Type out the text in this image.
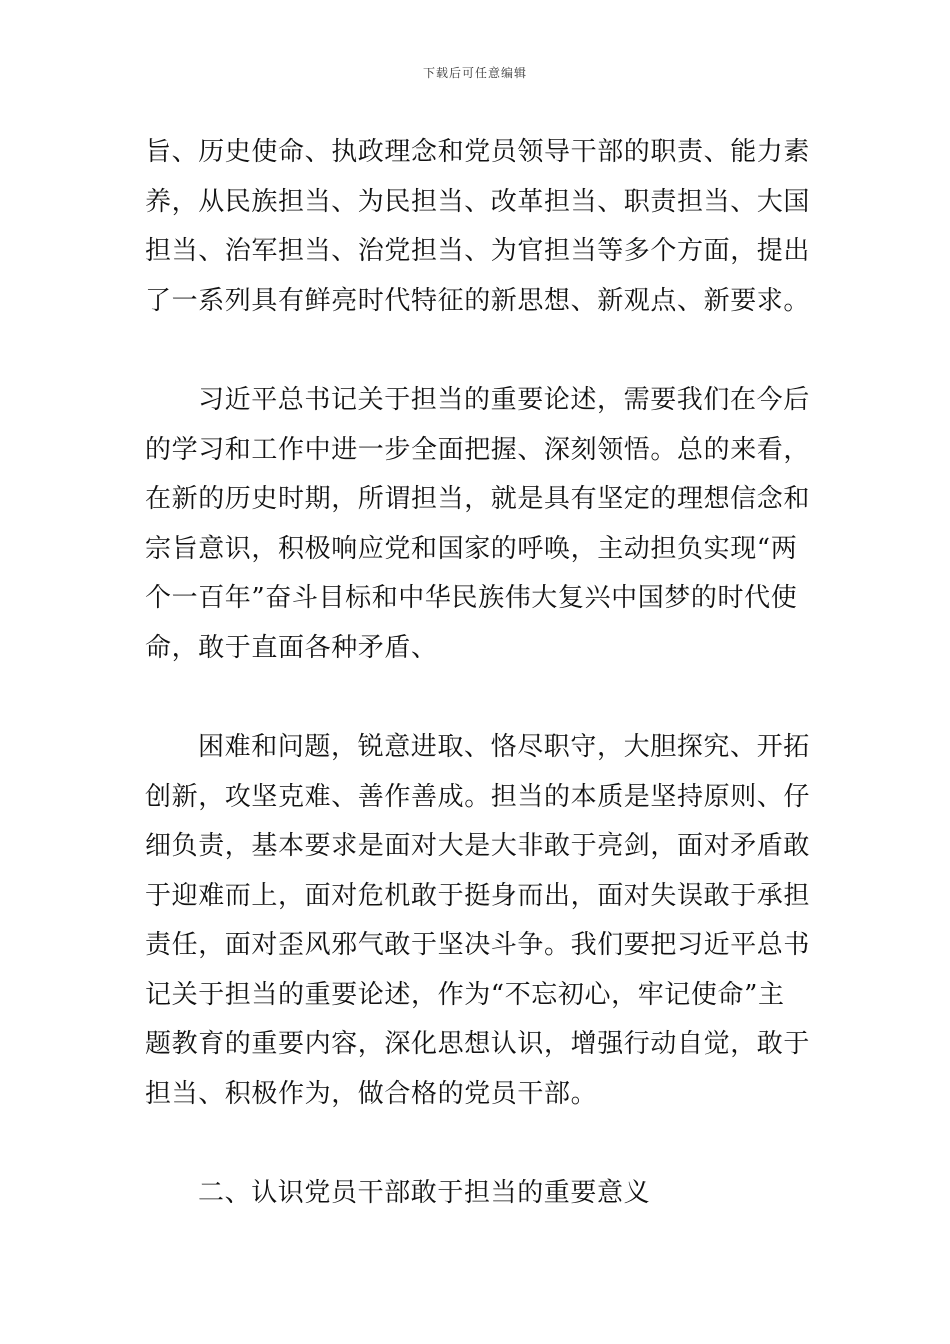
下载后可任意编辑
旨、历史使命、执政理念和党员领导干部的职责、能力素
养，从民族担当、为民担当、改革担当、职责担当、大国
担当、治军担当、治党担当、为官担当等多个方面，提出
了一系列具有鲜亮时代特征的新思想、新观点、新要求。
习近平总书记关于担当的重要论述，需要我们在今后
的学习和工作中进一步全面把握、深刻领悟。总的来看，
在新的历史时期，所谓担当，就是具有坚定的理想信念和
宗旨意识，积极响应党和国家的呼唤，主动担负实现“两
个一百年”奋斗目标和中华民族伟大复兴中国梦的时代使
命，敢于直面各种矛盾、
困难和问题，锐意进取、恪尽职守，大胆探究、开拓
创新，攻坚克难、善作善成。担当的本质是坚持原则、仔
细负责，基本要求是面对大是大非敢于亮剑，面对矛盾敢
于迎难而上，面对危机敢于挺身而出，面对失误敢于承担
责任，面对歪风邪气敢于坚决斗争。我们要把习近平总书
记关于担当的重要论述，作为“不忘初心，牢记使命”主
题教育的重要内容，深化思想认识，增强行动自觉，敢于
担当、积极作为，做合格的党员干部。
二、认识党员干部敢于担当的重要意义
